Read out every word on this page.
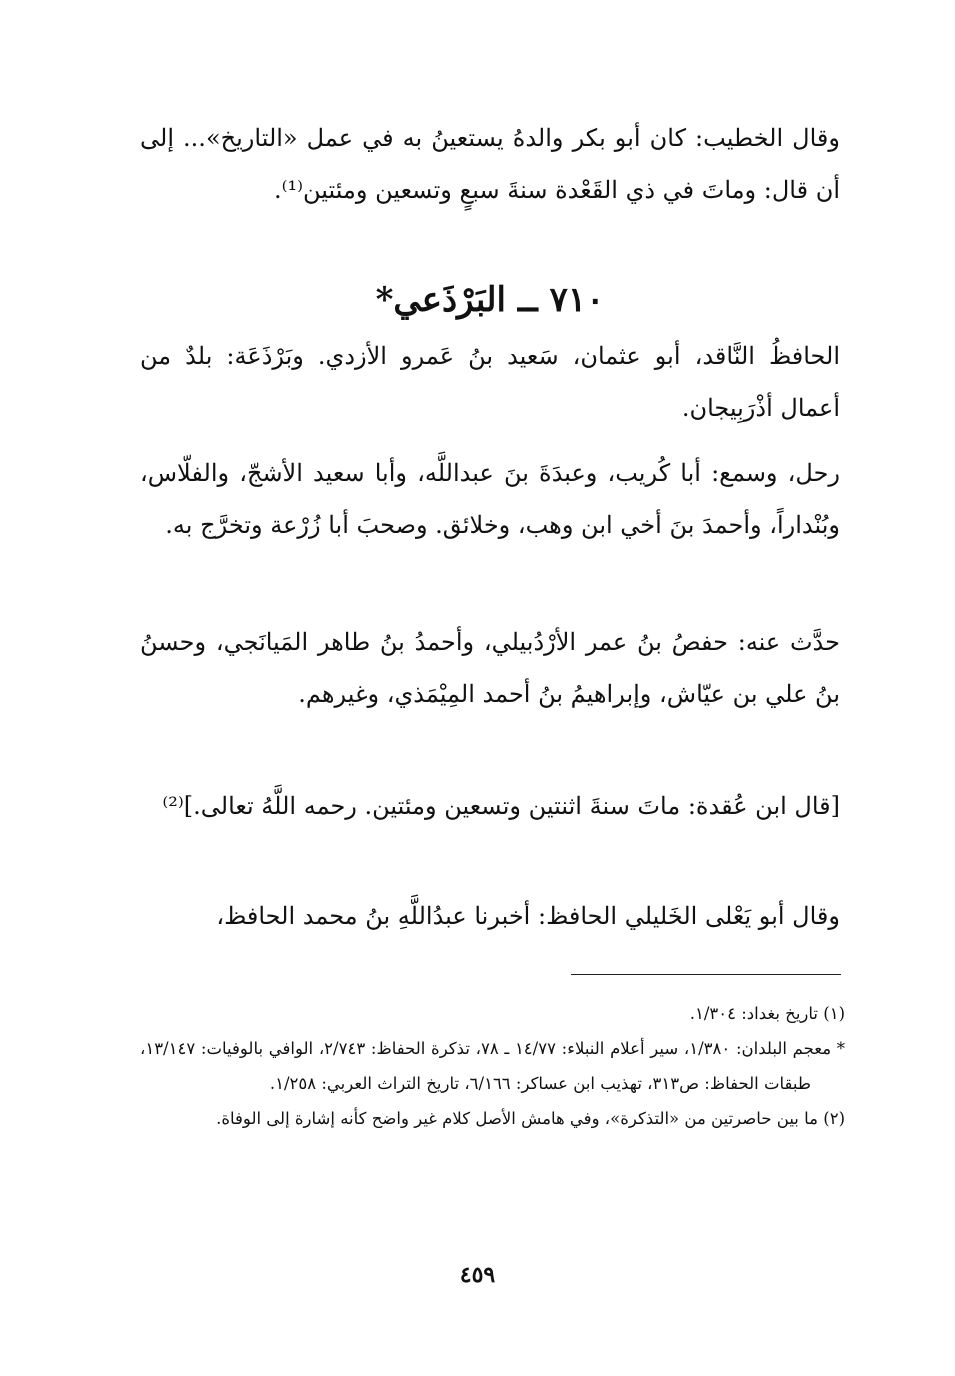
وقال الخطيب: كان أبو بكر والدهُ يستعينُ به في عمل «التاريخ»... إلى أن قال: وماتَ في ذي القَعْدة سنةَ سبعٍ وتسعين ومئتين⁽¹⁾.

٧١٠ ــ البَرْذَعي*

الحافظُ النَّاقد، أبو عثمان، سَعيد بنُ عَمرو الأزدي. وبَرْذَعَة: بلدٌ من أعمال أذْرَبِيجان.

رحل، وسمع: أبا كُريب، وعبدَةَ بنَ عبداللَّه، وأبا سعيد الأشجّ، والفلّاس، وبُنْداراً، وأحمدَ بنَ أخي ابن وهب، وخلائق. وصحبَ أبا زُرْعة وتخرَّج به.

حدَّث عنه: حفصُ بنُ عمر الأرْدُبيلي، وأحمدُ بنُ طاهر المَيانَجي، وحسنُ بنُ علي بن عيّاش، وإبراهيمُ بنُ أحمد المِيْمَذي، وغيرهم.

[قال ابن عُقدة: ماتَ سنةَ اثنتين وتسعين ومئتين. رحمه اللَّهُ تعالى.]⁽²⁾

وقال أبو يَعْلى الخَليلي الحافظ: أخبرنا عبدُاللَّهِ بنُ محمد الحافظ،

(١) تاريخ بغداد: ١/٣٠٤.

* معجم البلدان: ١/٣٨٠، سير أعلام النبلاء: ١٤/٧٧ ـ ٧٨، تذكرة الحفاظ: ٢/٧٤٣، الوافي بالوفيات: ١٣/١٤٧، طبقات الحفاظ: ص٣١٣، تهذيب ابن عساكر: ٦/١٦٦، تاريخ التراث العربي: ١/٢٥٨.

(٢) ما بين حاصرتين من «التذكرة»، وفي هامش الأصل كلام غير واضح كأنه إشارة إلى الوفاة.

٤٥٩
